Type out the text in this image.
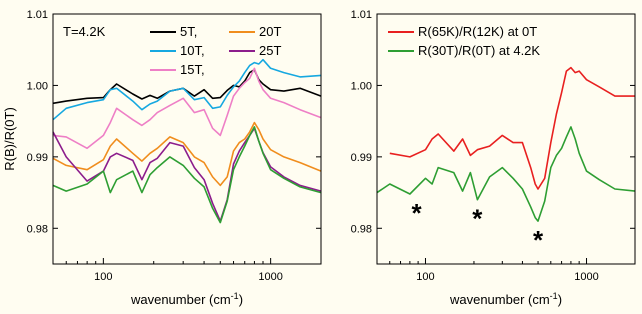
0.98
0.99
1.00
1.01
100	1000
T=4.2K	5T,	20T
10T,	25T
15T,
wavenumber $(cm^{-1})$
R(B)/R(0T)
0.98
0.99
1.00
1.01
100	1000
* *
*
R(65K)/R(12K) at 0T
R(30T)/R(0T) at 4.2K
wavenumber $(cm^{-1})$
